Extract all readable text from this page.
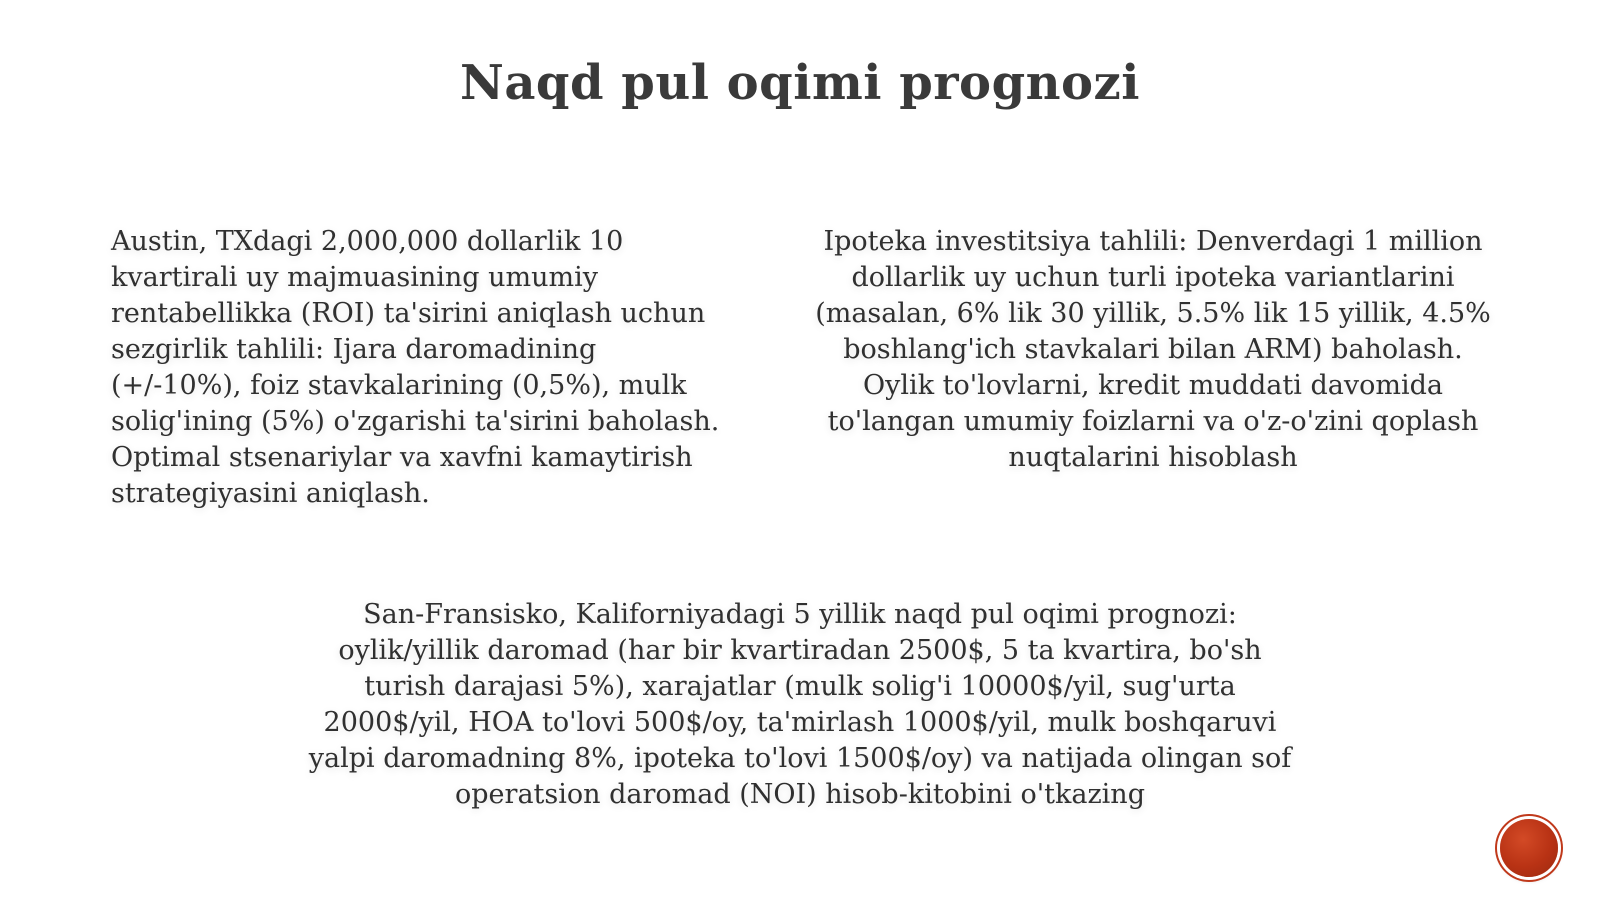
Naqd pul oqimi prognozi
Austin, TXdagi 2,000,000 dollarlik 10
kvartirali uy majmuasining umumiy
rentabellikka (ROI) ta'sirini aniqlash uchun
sezgirlik tahlili: Ijara daromadining
(+/-10%), foiz stavkalarining (0,5%), mulk
solig'ining (5%) o'zgarishi ta'sirini baholash.
Optimal stsenariylar va xavfni kamaytirish
strategiyasini aniqlash.
Ipoteka investitsiya tahlili: Denverdagi 1 million
dollarlik uy uchun turli ipoteka variantlarini
(masalan, 6% lik 30 yillik, 5.5% lik 15 yillik, 4.5%
boshlang'ich stavkalari bilan ARM) baholash.
Oylik to'lovlarni, kredit muddati davomida
to'langan umumiy foizlarni va o'z-o'zini qoplash
nuqtalarini hisoblash
San-Fransisko, Kaliforniyadagi 5 yillik naqd pul oqimi prognozi:
oylik/yillik daromad (har bir kvartiradan 2500$, 5 ta kvartira, bo'sh
turish darajasi 5%), xarajatlar (mulk solig'i 10000$/yil, sug'urta
2000$/yil, HOA to'lovi 500$/oy, ta'mirlash 1000$/yil, mulk boshqaruvi
yalpi daromadning 8%, ipoteka to'lovi 1500$/oy) va natijada olingan sof
operatsion daromad (NOI) hisob-kitobini o'tkazing
